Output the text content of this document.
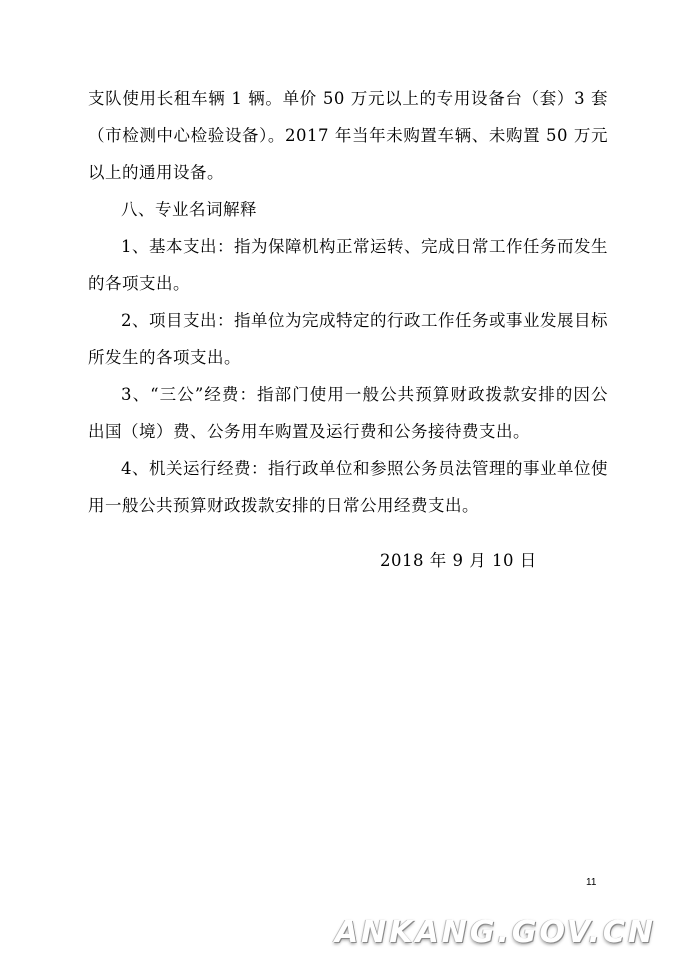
支队使用长租车辆 1 辆。单价 50 万元以上的专用设备台（套）3 套（市检测中心检验设备）。2017 年当年未购置车辆、未购置 50 万元以上的通用设备。

八、专业名词解释

1、基本支出：指为保障机构正常运转、完成日常工作任务而发生的各项支出。

2、项目支出：指单位为完成特定的行政工作任务或事业发展目标所发生的各项支出。

3、“三公”经费：指部门使用一般公共预算财政拨款安排的因公出国（境）费、公务用车购置及运行费和公务接待费支出。

4、机关运行经费：指行政单位和参照公务员法管理的事业单位使用一般公共预算财政拨款安排的日常公用经费支出。

2018 年 9 月 10 日
11
ANKANG.GOV.CN
